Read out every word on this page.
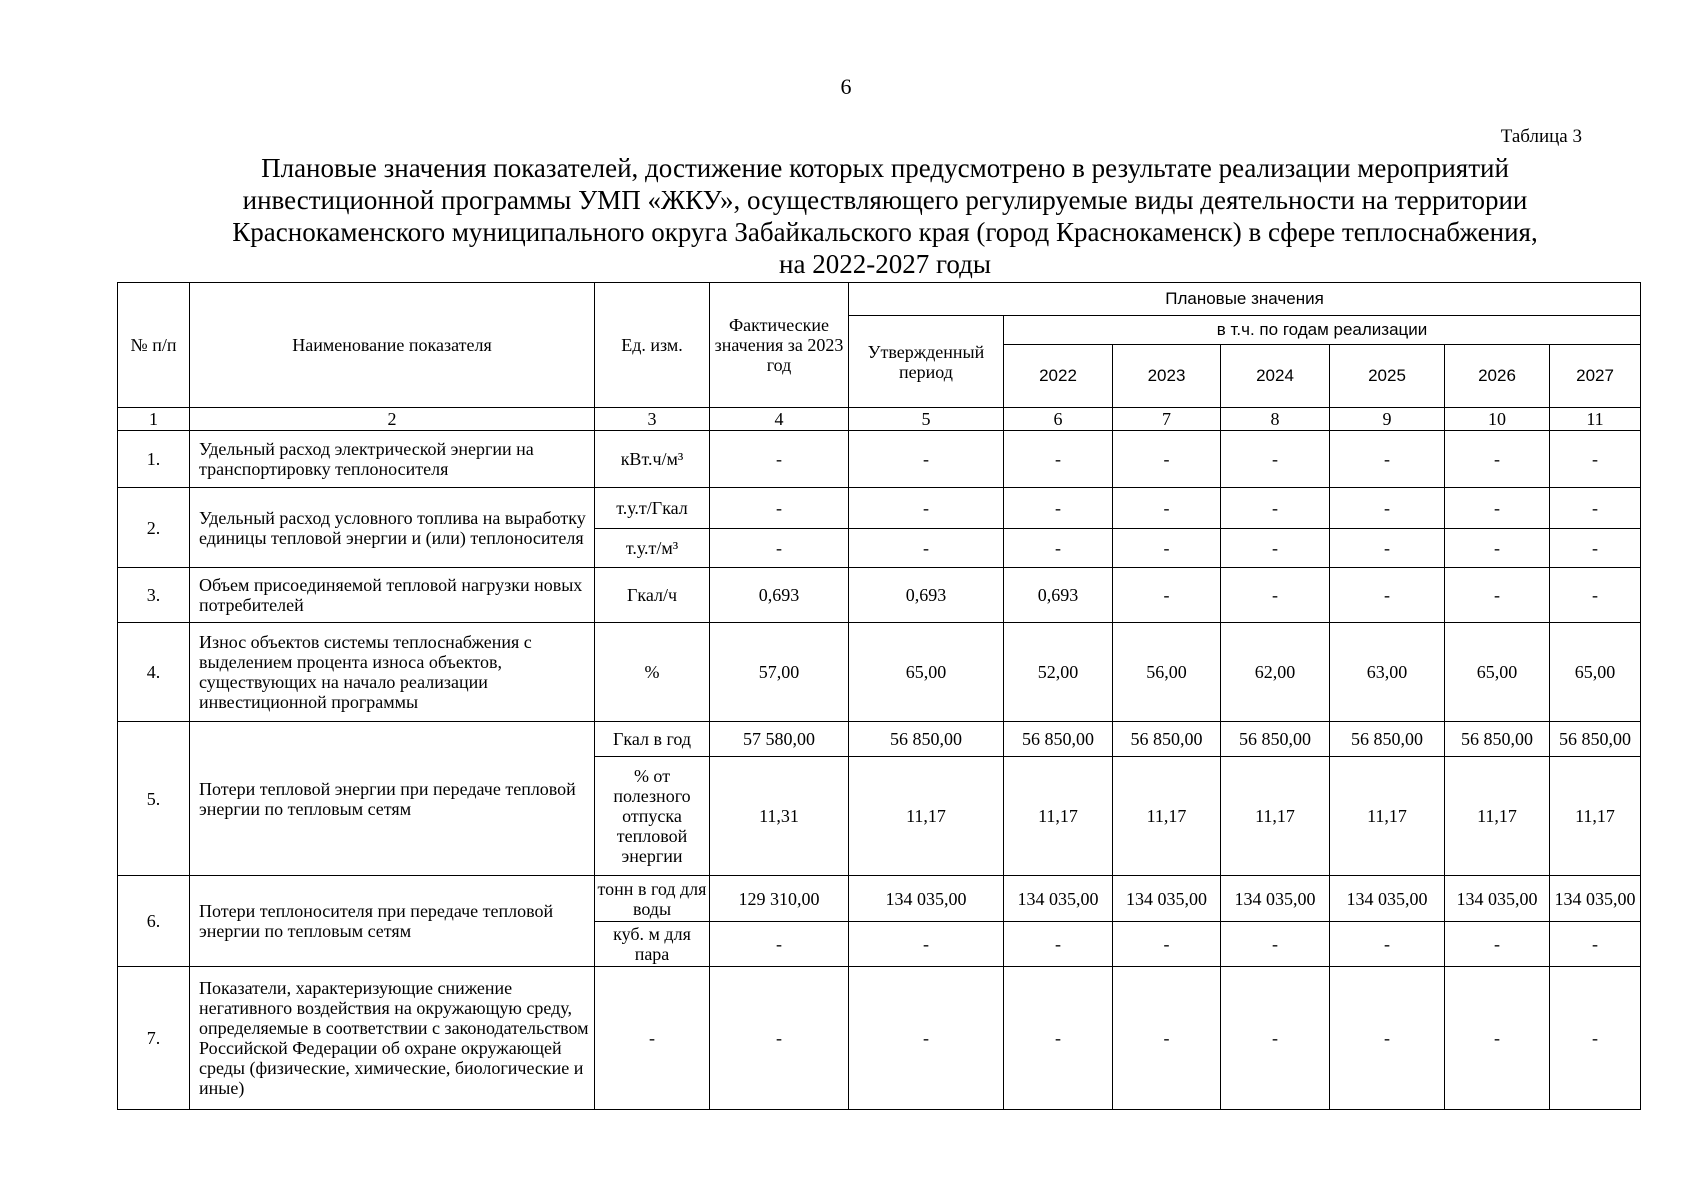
6
Таблица 3
Плановые значения показателей, достижение которых предусмотрено в результате реализации мероприятий
инвестиционной программы УМП «ЖКУ», осуществляющего регулируемые виды деятельности на территории
Краснокаменского муниципального округа Забайкальского края (город Краснокаменск) в сфере теплоснабжения,
на 2022-2027 годы
№ п/п	Наименование показателя	Ед. изм.	Фактические значения за 2023 год	Плановые значения						
				Утвержденный период	в т.ч. по годам реализации					
					2022	2023	2024	2025	2026	2027
1	2	3	4	5	6	7	8	9	10	11
1.	Удельный расход электрической энергии на транспортировку теплоносителя	кВт.ч/м³	-	-	-	-	-	-	-	-
2.	Удельный расход условного топлива на выработку единицы тепловой энергии и (или) теплоносителя	т.у.т/Гкал	-	-	-	-	-	-	-	-
		т.у.т/м³	-	-	-	-	-	-	-	-
3.	Объем присоединяемой тепловой нагрузки новых потребителей	Гкал/ч	0,693	0,693	0,693	-	-	-	-	-
4.	Износ объектов системы теплоснабжения с выделением процента износа объектов, существующих на начало реализации инвестиционной программы	%	57,00	65,00	52,00	56,00	62,00	63,00	65,00	65,00
5.	Потери тепловой энергии при передаче тепловой энергии по тепловым сетям	Гкал в год	57 580,00	56 850,00	56 850,00	56 850,00	56 850,00	56 850,00	56 850,00	56 850,00
		% от полезного отпуска тепловой энергии	11,31	11,17	11,17	11,17	11,17	11,17	11,17	11,17
6.	Потери теплоносителя при передаче тепловой энергии по тепловым сетям	тонн в год для воды	129 310,00	134 035,00	134 035,00	134 035,00	134 035,00	134 035,00	134 035,00	134 035,00
		куб. м для пара	-	-	-	-	-	-	-	-
7.	Показатели, характеризующие снижение негативного воздействия на окружающую среду, определяемые в соответствии с законодательством Российской Федерации об охране окружающей среды (физические, химические, биологические и иные)	-	-	-	-	-	-	-	-	-
